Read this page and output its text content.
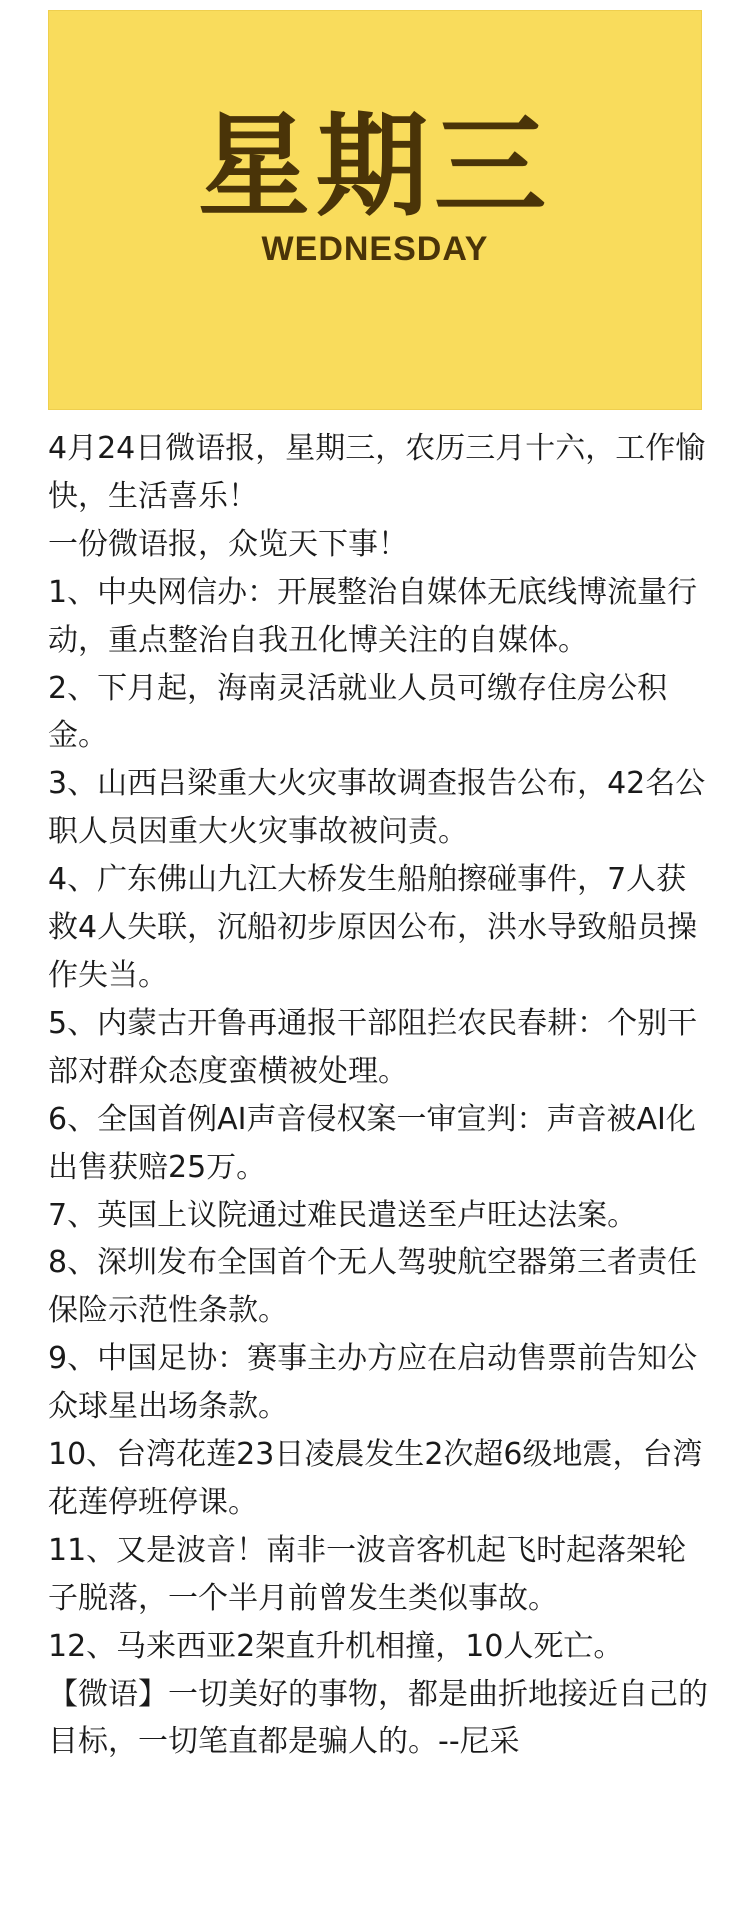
星期三
WEDNESDAY

4月24日微语报，星期三，农历三月十六，工作愉快，生活喜乐！

一份微语报，众览天下事！

1、中央网信办：开展整治自媒体无底线博流量行动，重点整治自我丑化博关注的自媒体。

2、下月起，海南灵活就业人员可缴存住房公积金。

3、山西吕梁重大火灾事故调查报告公布，42名公职人员因重大火灾事故被问责。

4、广东佛山九江大桥发生船舶擦碰事件，7人获救4人失联，沉船初步原因公布，洪水导致船员操作失当。

5、内蒙古开鲁再通报干部阻拦农民春耕：个别干部对群众态度蛮横被处理。

6、全国首例AI声音侵权案一审宣判：声音被AI化出售获赔25万。

7、英国上议院通过难民遣送至卢旺达法案。

8、深圳发布全国首个无人驾驶航空器第三者责任保险示范性条款。

9、中国足协：赛事主办方应在启动售票前告知公众球星出场条款。

10、台湾花莲23日凌晨发生2次超6级地震，台湾花莲停班停课。

11、又是波音！南非一波音客机起飞时起落架轮子脱落，一个半月前曾发生类似事故。

12、马来西亚2架直升机相撞，10人死亡。

【微语】一切美好的事物，都是曲折地接近自己的目标，一切笔直都是骗人的。--尼采
